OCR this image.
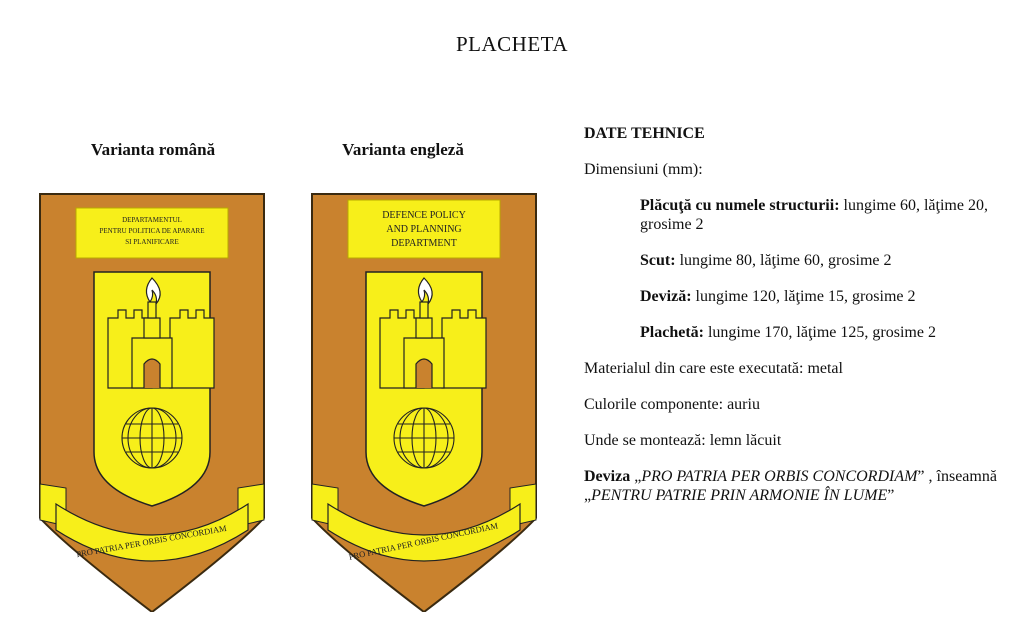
PLACHETA
Varianta română	Varianta engleză
DEPARTAMENTUL
PENTRU POLITICA DE APARARE
SI PLANIFICARE
PRO PATRIA PER ORBIS CONCORDIAM
DEFENCE POLICY
AND PLANNING
DEPARTMENT
PRO PATRIA PER ORBIS CONCORDIAM

DATE TEHNICE

Dimensiuni (mm):

Plăcuţă cu numele structurii: lungime 60, lăţime 20, grosime 2

Scut: lungime 80, lăţime 60, grosime 2

Deviză: lungime 120, lăţime 15, grosime 2

Plachetă: lungime 170, lăţime 125, grosime 2

Materialul din care este executată: metal

Culorile componente: auriu

Unde se montează: lemn lăcuit

Deviza „PRO PATRIA PER ORBIS CONCORDIAM” , înseamnă
„PENTRU PATRIE PRIN ARMONIE ÎN LUME”
